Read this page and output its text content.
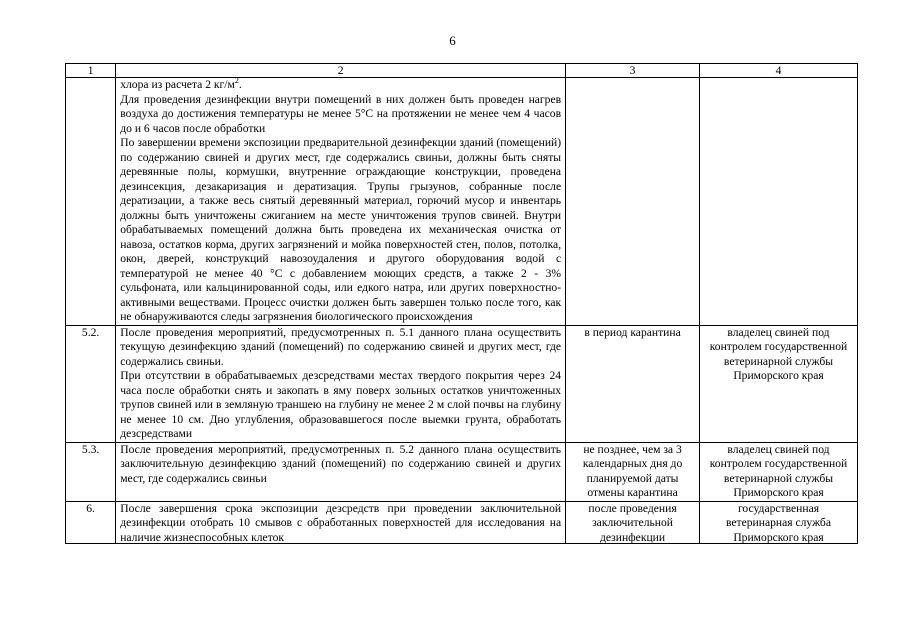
6
1	2	3	4

	хлора из расчета 2 $кг/м^2$.
Для проведения дезинфекции внутри помещений в них должен быть проведен нагрев воздуха до достижения температуры не менее 5°С на протяжении не менее чем 4 часов до и 6 часов после обработки
По завершении времени экспозиции предварительной дезинфекции зданий (помещений) по содержанию свиней и других мест, где содержались свиньи, должны быть сняты деревянные полы, кормушки, внутренние ограждающие конструкции, проведена дезинсекция, дезакаризация и дератизация. Трупы грызунов, собранные после дератизации, а также весь снятый деревянный материал, горючий мусор и инвентарь должны быть уничтожены сжиганием на месте уничтожения трупов свиней. Внутри обрабатываемых помещений должна быть проведена их механическая очистка от навоза, остатков корма, других загрязнений и мойка поверхностей стен, полов, потолка, окон, дверей, конструкций навозоудаления и другого оборудования водой с температурой не менее 40 °С с добавлением моющих средств, а также 2 - 3% сульфоната, или кальцинированной соды, или едкого натра, или других поверхностно-активными веществами. Процесс очистки должен быть завершен только после того, как не обнаруживаются следы загрязнения биологического происхождения		

5.2.	После проведения мероприятий, предусмотренных п. 5.1 данного плана осуществить текущую дезинфекцию зданий (помещений) по содержанию свиней и других мест, где содержались свиньи.
При отсутствии в обрабатываемых дезсредствами местах твердого покрытия через 24 часа после обработки снять и закопать в яму поверх зольных остатков уничтоженных трупов свиней или в земляную траншею на глубину не менее 2 м слой почвы на глубину не менее 10 см. Дно углубления, образовавшегося после выемки грунта, обработать дезсредствами	в период карантина	владелец свиней под контролем государственной ветеринарной службы Приморского края
5.3.	После проведения мероприятий, предусмотренных п. 5.2 данного плана осуществить заключительную дезинфекцию зданий (помещений) по содержанию свиней и других мест, где содержались свиньи	не позднее, чем за 3 календарных дня до планируемой даты отмены карантина	владелец свиней под контролем государственной ветеринарной службы Приморского края
6.	После завершения срока экспозиции дезсредств при проведении заключительной дезинфекции отобрать 10 смывов с обработанных поверхностей для исследования на наличие жизнеспособных клеток	после проведения заключительной дезинфекции	государственная ветеринарная служба Приморского края
